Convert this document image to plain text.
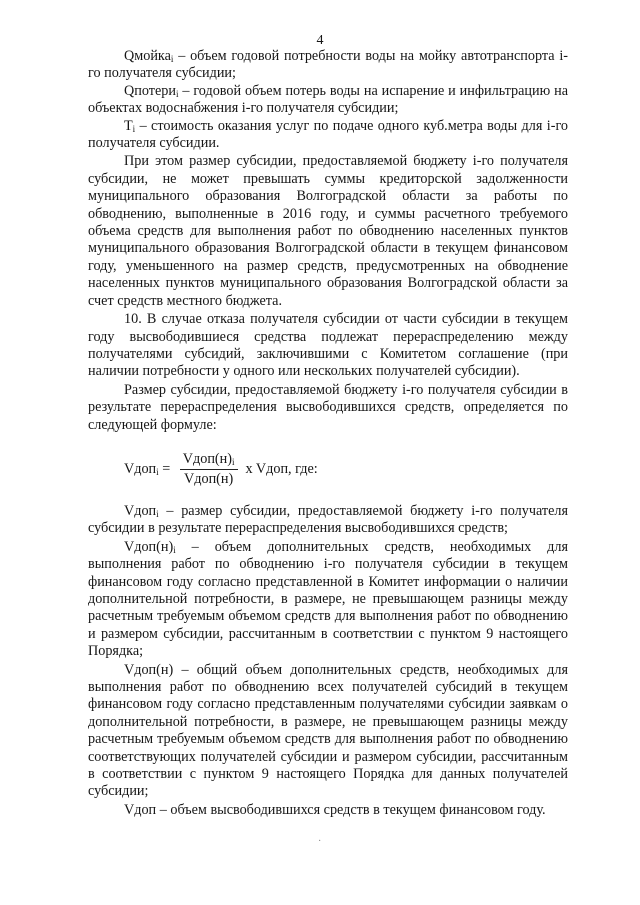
4

Qмойка$_i$ – объем годовой потребности воды на мойку автотранспорта i-го получателя субсидии;

Qпотери$_i$ – годовой объем потерь воды на испарение и инфильтрацию на объектах водоснабжения i-го получателя субсидии;

$T_i$ – стоимость оказания услуг по подаче одного куб.метра воды для i-го получателя субсидии.

При этом размер субсидии, предоставляемой бюджету i-го получателя субсидии, не может превышать суммы кредиторской задолженности муниципального образования Волгоградской области за работы по обводнению, выполненные в 2016 году, и суммы расчетного требуемого объема средств для выполнения работ по обводнению населенных пунктов муниципального образования Волгоградской области в текущем финансовом году, уменьшенного на размер средств, предусмотренных на обводнение населенных пунктов муниципального образования Волгоградской области за счет средств местного бюджета.

10. В случае отказа получателя субсидии от части субсидии в текущем году высвободившиеся средства подлежат перераспределению между получателями субсидий, заключившими с Комитетом соглашение (при наличии потребности у одного или нескольких получателей субсидии).

Размер субсидии, предоставляемой бюджету i-го получателя субсидии в результате перераспределения высвободившихся средств, определяется по следующей формуле:

Vдоп$_i$ = $\frac{Vдоп(н)_i}{\text{Vдоп(н)}}$ x Vдоп, где:

Vдоп$_i$ – размер субсидии, предоставляемой бюджету i-го получателя субсидии в результате перераспределения высвободившихся средств;

$Vдоп(н)_i$ – объем дополнительных средств, необходимых для выполнения работ по обводнению i-го получателя субсидии в текущем финансовом году согласно представленной в Комитет информации о наличии дополнительной потребности, в размере, не превышающем разницы между расчетным требуемым объемом средств для выполнения работ по обводнению и размером субсидии, рассчитанным в соответствии с пунктом 9 настоящего Порядка;

Vдоп(н) – общий объем дополнительных средств, необходимых для выполнения работ по обводнению всех получателей субсидий в текущем финансовом году согласно представленным получателями субсидии заявкам о дополнительной потребности, в размере, не превышающем разницы между расчетным требуемым объемом средств для выполнения работ по обводнению соответствующих получателей субсидии и размером субсидии, рассчитанным в соответствии с пунктом 9 настоящего Порядка для данных получателей субсидии;

Vдоп – объем высвободившихся средств в текущем финансовом году.

·
